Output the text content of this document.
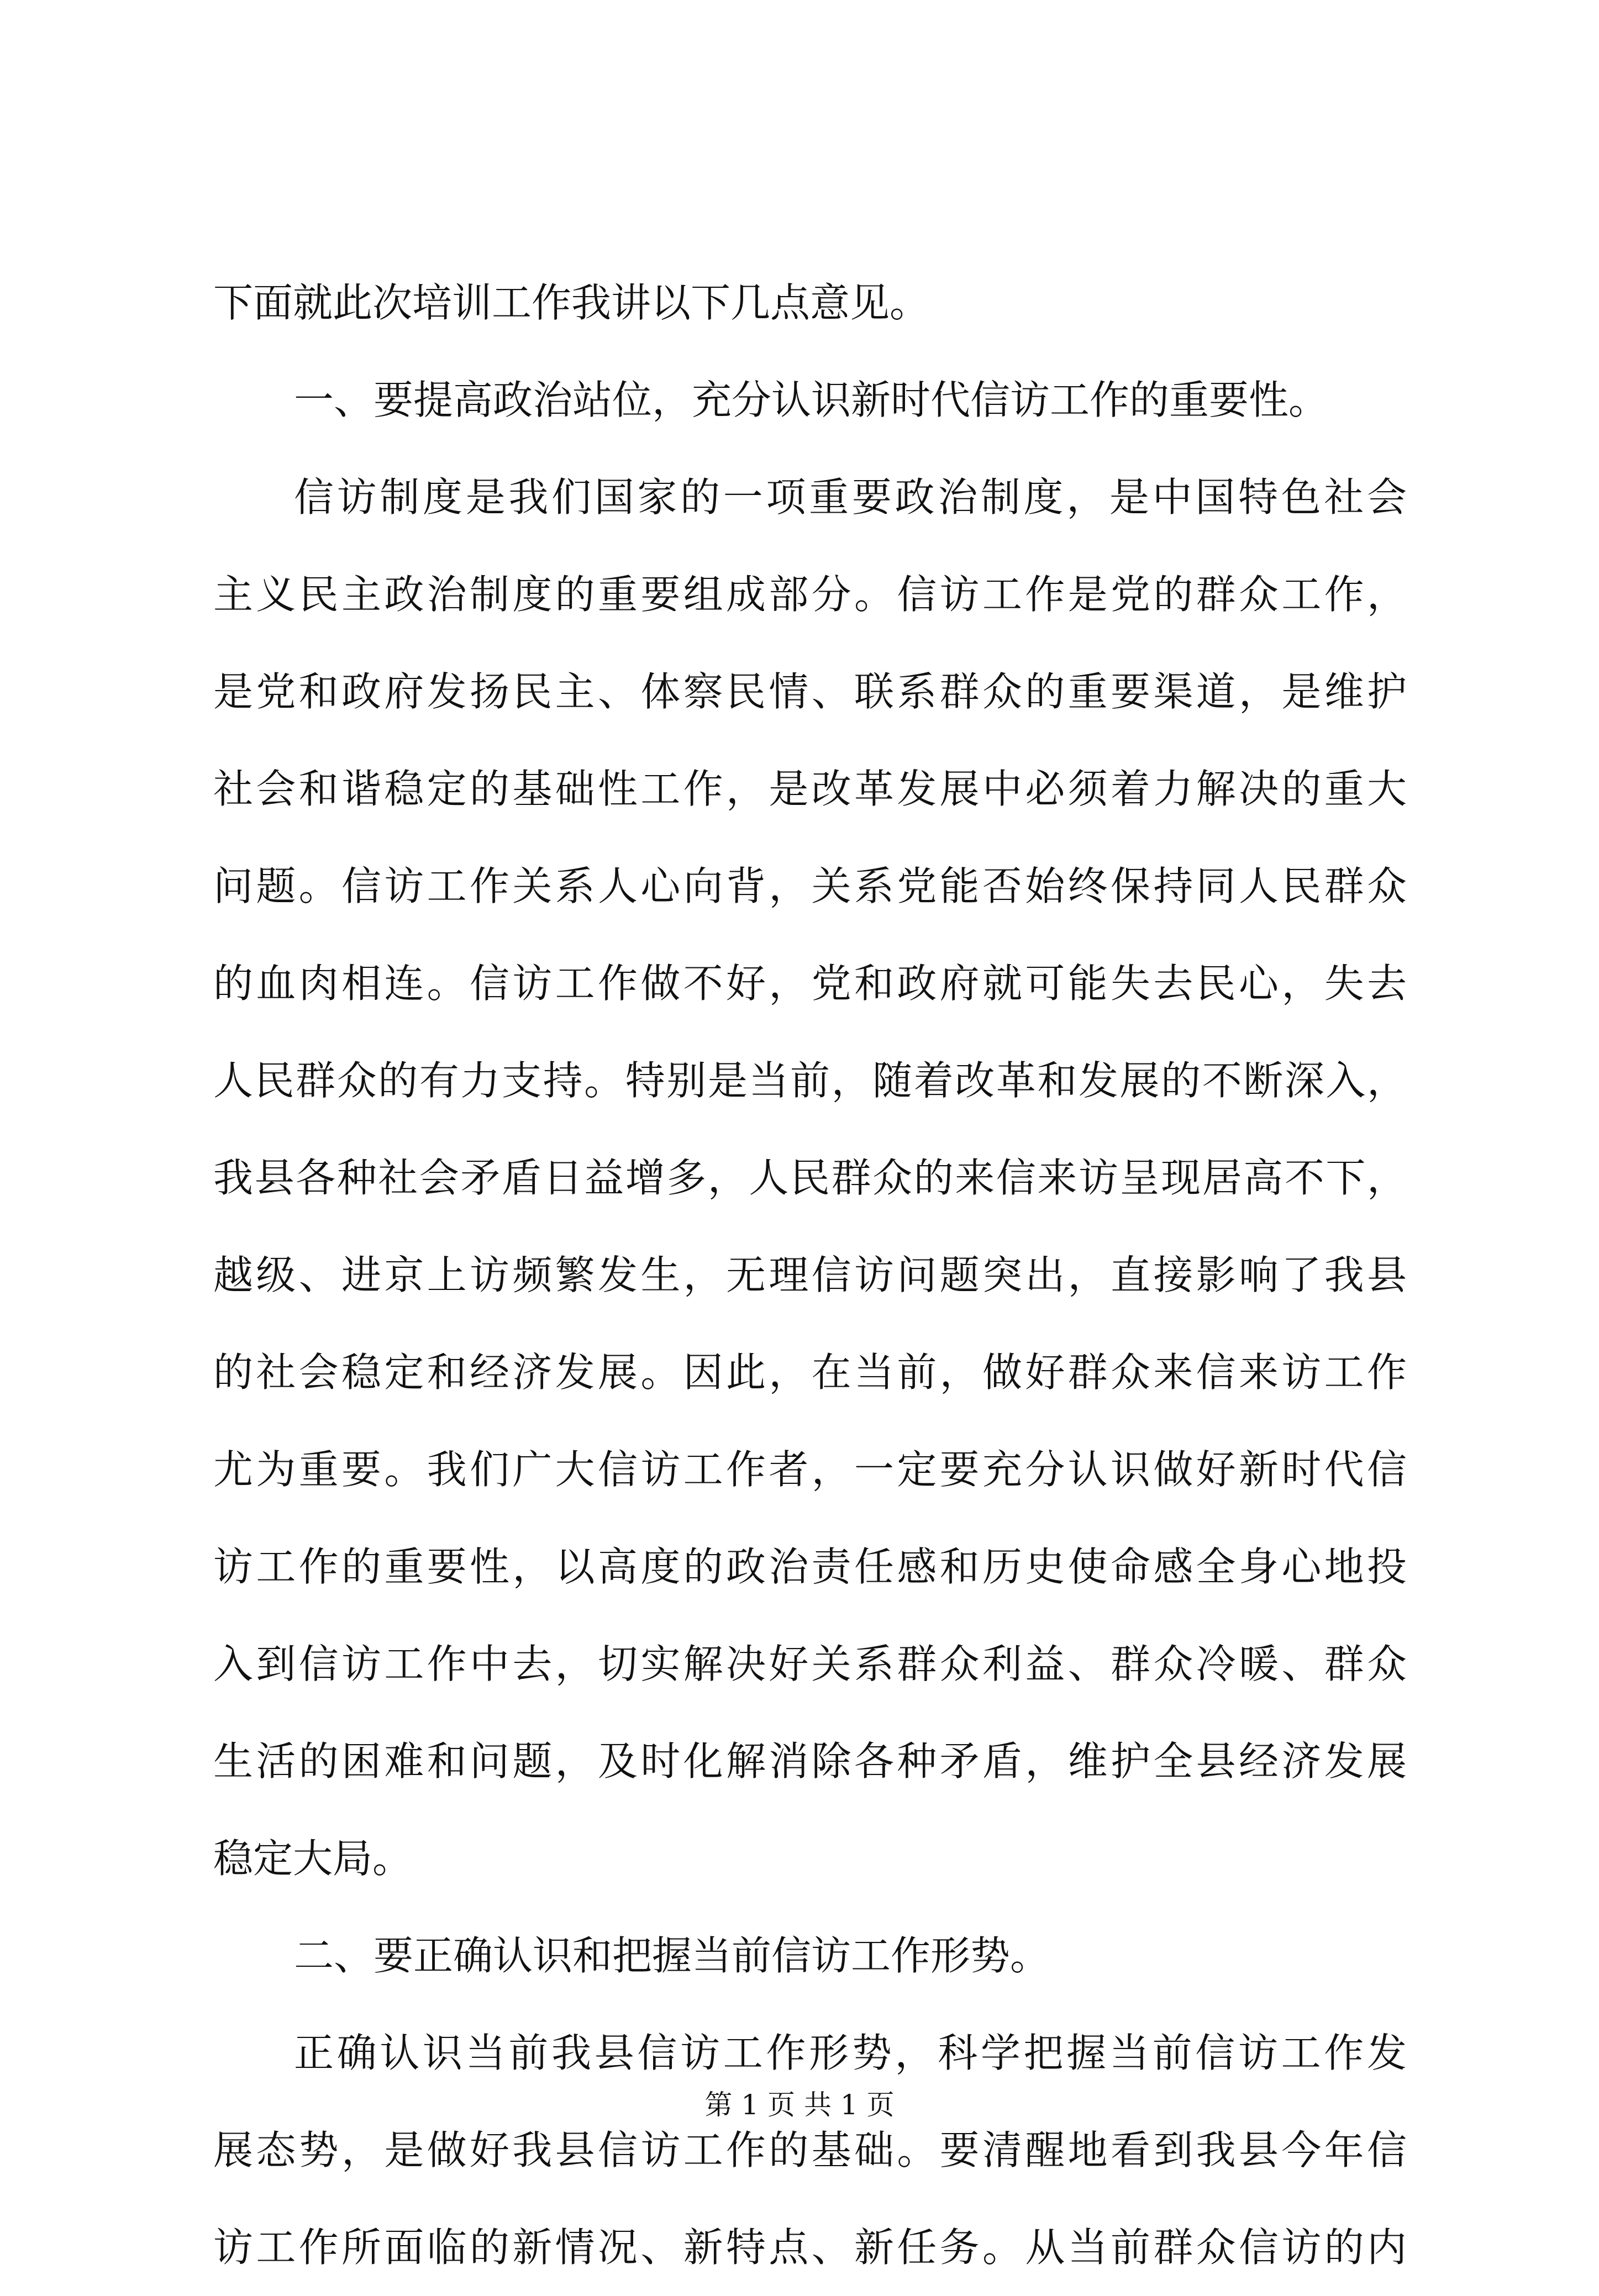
下面就此次培训工作我讲以下几点意见。
一、要提高政治站位，充分认识新时代信访工作的重要性。
信访制度是我们国家的一项重要政治制度，是中国特色社会
主义民主政治制度的重要组成部分。信访工作是党的群众工作，
是党和政府发扬民主、体察民情、联系群众的重要渠道，是维护
社会和谐稳定的基础性工作，是改革发展中必须着力解决的重大
问题。信访工作关系人心向背，关系党能否始终保持同人民群众
的血肉相连。信访工作做不好，党和政府就可能失去民心，失去
人民群众的有力支持。特别是当前，随着改革和发展的不断深入，
我县各种社会矛盾日益增多，人民群众的来信来访呈现居高不下，
越级、进京上访频繁发生，无理信访问题突出，直接影响了我县
的社会稳定和经济发展。因此，在当前，做好群众来信来访工作
尤为重要。我们广大信访工作者，一定要充分认识做好新时代信
访工作的重要性，以高度的政治责任感和历史使命感全身心地投
入到信访工作中去，切实解决好关系群众利益、群众冷暖、群众
生活的困难和问题，及时化解消除各种矛盾，维护全县经济发展
稳定大局。
二、要正确认识和把握当前信访工作形势。
正确认识当前我县信访工作形势，科学把握当前信访工作发
展态势，是做好我县信访工作的基础。要清醒地看到我县今年信
访工作所面临的新情况、新特点、新任务。从当前群众信访的内
第 1 页 共 1 页
